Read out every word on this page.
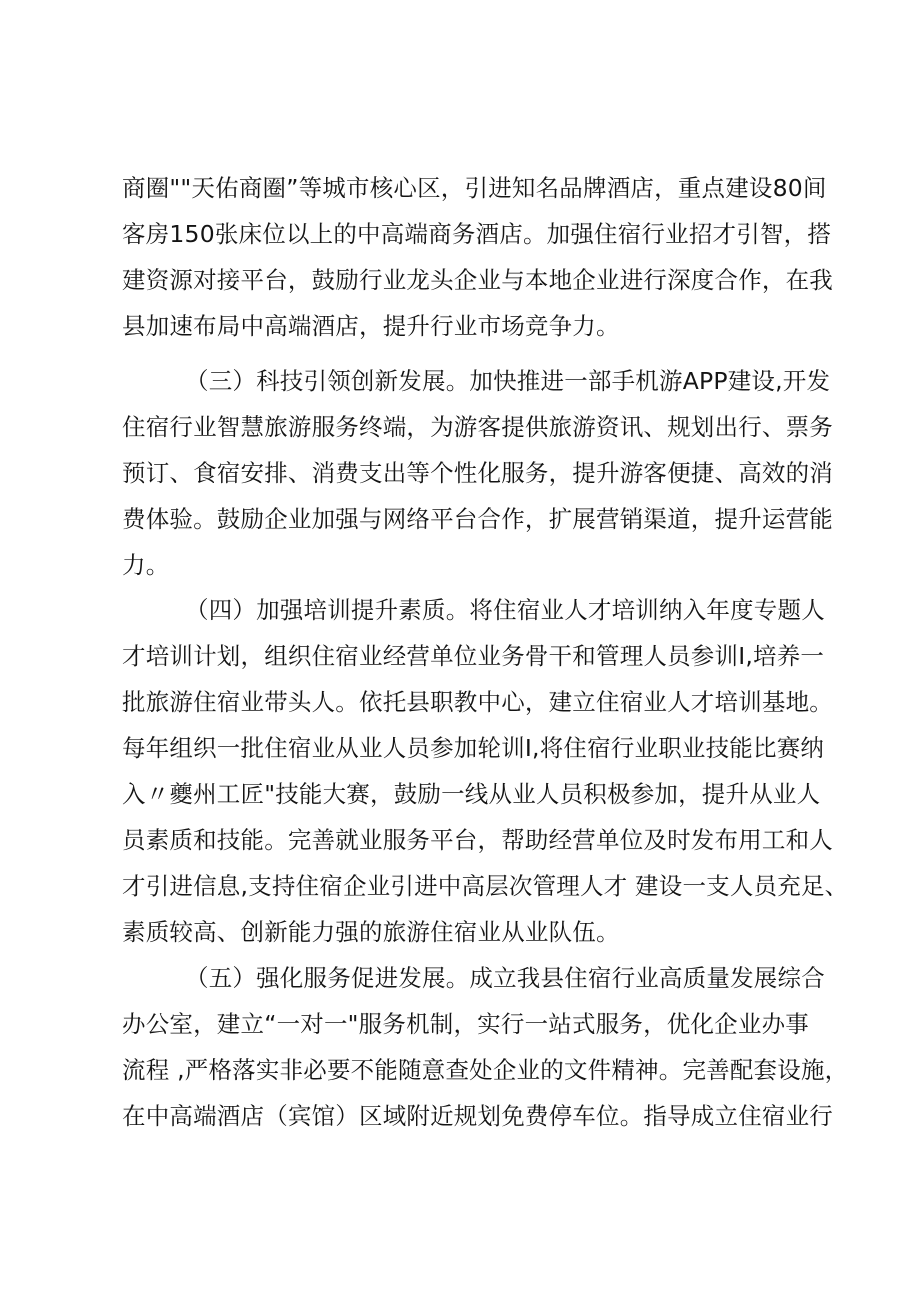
商圈""天佑商圈”等城市核心区，引进知名品牌酒店，重点建设80间
客房150张床位以上的中高端商务酒店。加强住宿行业招才引智，搭
建资源对接平台，鼓励行业龙头企业与本地企业进行深度合作，在我
县加速布局中高端酒店，提升行业市场竞争力。
（三）科技引领创新发展。加快推进一部手机游APP建设,开发
住宿行业智慧旅游服务终端，为游客提供旅游资讯、规划出行、票务
预订、食宿安排、消费支出等个性化服务，提升游客便捷、高效的消
费体验。鼓励企业加强与网络平台合作，扩展营销渠道，提升运营能
力。
（四）加强培训提升素质。将住宿业人才培训纳入年度专题人
才培训计划，组织住宿业经营单位业务骨干和管理人员参训I,培养一
批旅游住宿业带头人。依托县职教中心，建立住宿业人才培训基地。
每年组织一批住宿业从业人员参加轮训I,将住宿行业职业技能比赛纳
入〃夔州工匠"技能大赛，鼓励一线从业人员积极参加，提升从业人
员素质和技能。完善就业服务平台，帮助经营单位及时发布用工和人
才引进信息,支持住宿企业引进中高层次管理人才 建设一支人员充足、
素质较高、创新能力强的旅游住宿业从业队伍。
（五）强化服务促进发展。成立我县住宿行业高质量发展综合
办公室，建立“一对一"服务机制，实行一站式服务，优化企业办事
流程 ,严格落实非必要不能随意查处企业的文件精神。完善配套设施，
在中高端酒店（宾馆）区域附近规划免费停车位。指导成立住宿业行
